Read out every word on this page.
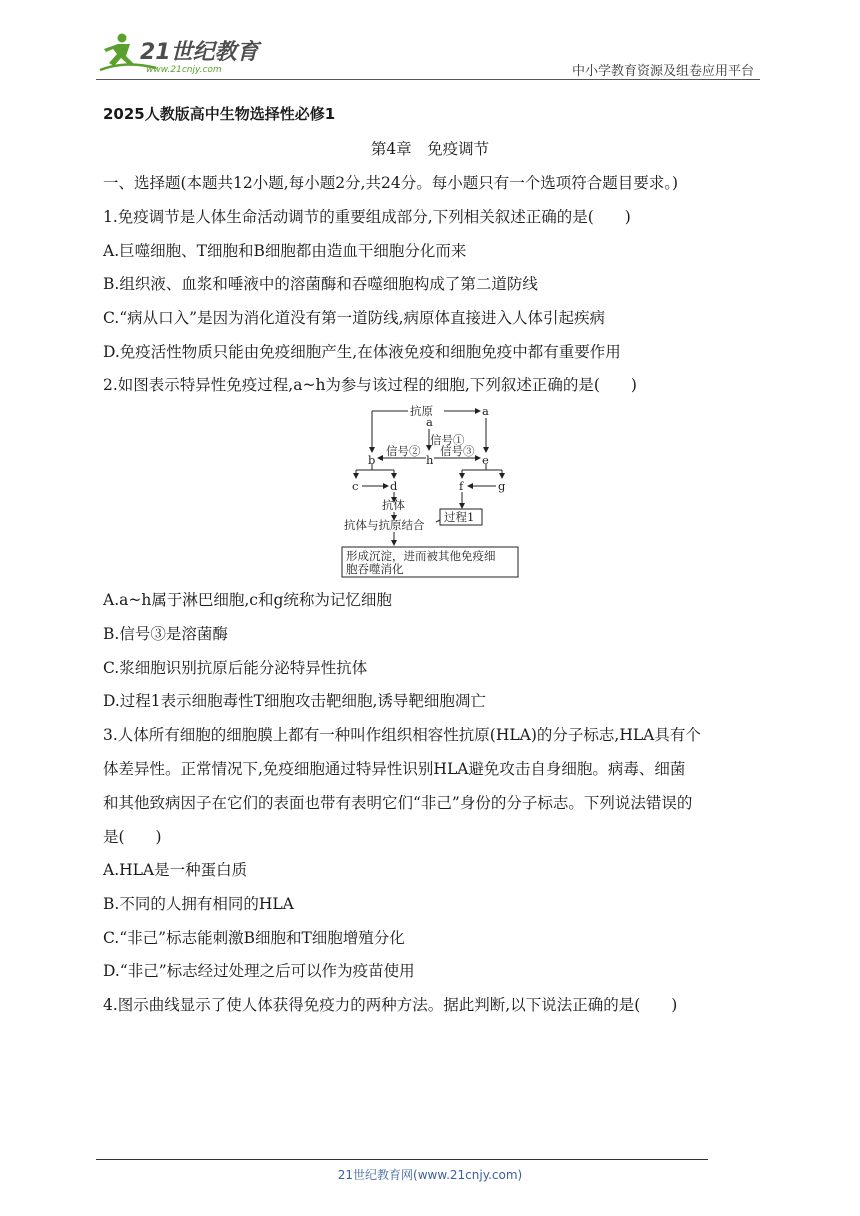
21世纪教育
www.21cnjy.com	中小学教育资源及组卷应用平台
2025人教版高中生物选择性必修1
第4章　免疫调节
一、选择题(本题共12小题,每小题2分,共24分。每小题只有一个选项符合题目要求。)
1.免疫调节是人体生命活动调节的重要组成部分,下列相关叙述正确的是(　　)
A.巨噬细胞、T细胞和B细胞都由造血干细胞分化而来
B.组织液、血浆和唾液中的溶菌酶和吞噬细胞构成了第二道防线
C.“病从口入”是因为消化道没有第一道防线,病原体直接进入人体引起疾病
D.免疫活性物质只能由免疫细胞产生,在体液免疫和细胞免疫中都有重要作用
2.如图表示特异性免疫过程,a~h为参与该过程的细胞,下列叙述正确的是(　　)
抗原	a
a
信号①
信号② 信号③
h
b	e
c	d	f	g
抗体
抗体与抗原结合
过程1
形成沉淀，进而被其他免疫细
胞吞噬消化
A.a~h属于淋巴细胞,c和g统称为记忆细胞
B.信号③是溶菌酶
C.浆细胞识别抗原后能分泌特异性抗体
D.过程1表示细胞毒性T细胞攻击靶细胞,诱导靶细胞凋亡
3.人体所有细胞的细胞膜上都有一种叫作组织相容性抗原(HLA)的分子标志,HLA具有个
体差异性。正常情况下,免疫细胞通过特异性识别HLA避免攻击自身细胞。病毒、细菌
和其他致病因子在它们的表面也带有表明它们“非己”身份的分子标志。下列说法错误的
是(　　)
A.HLA是一种蛋白质
B.不同的人拥有相同的HLA
C.“非己”标志能刺激B细胞和T细胞增殖分化
D.“非己”标志经过处理之后可以作为疫苗使用
4.图示曲线显示了使人体获得免疫力的两种方法。据此判断,以下说法正确的是(　　)
21世纪教育网(www.21cnjy.com)
